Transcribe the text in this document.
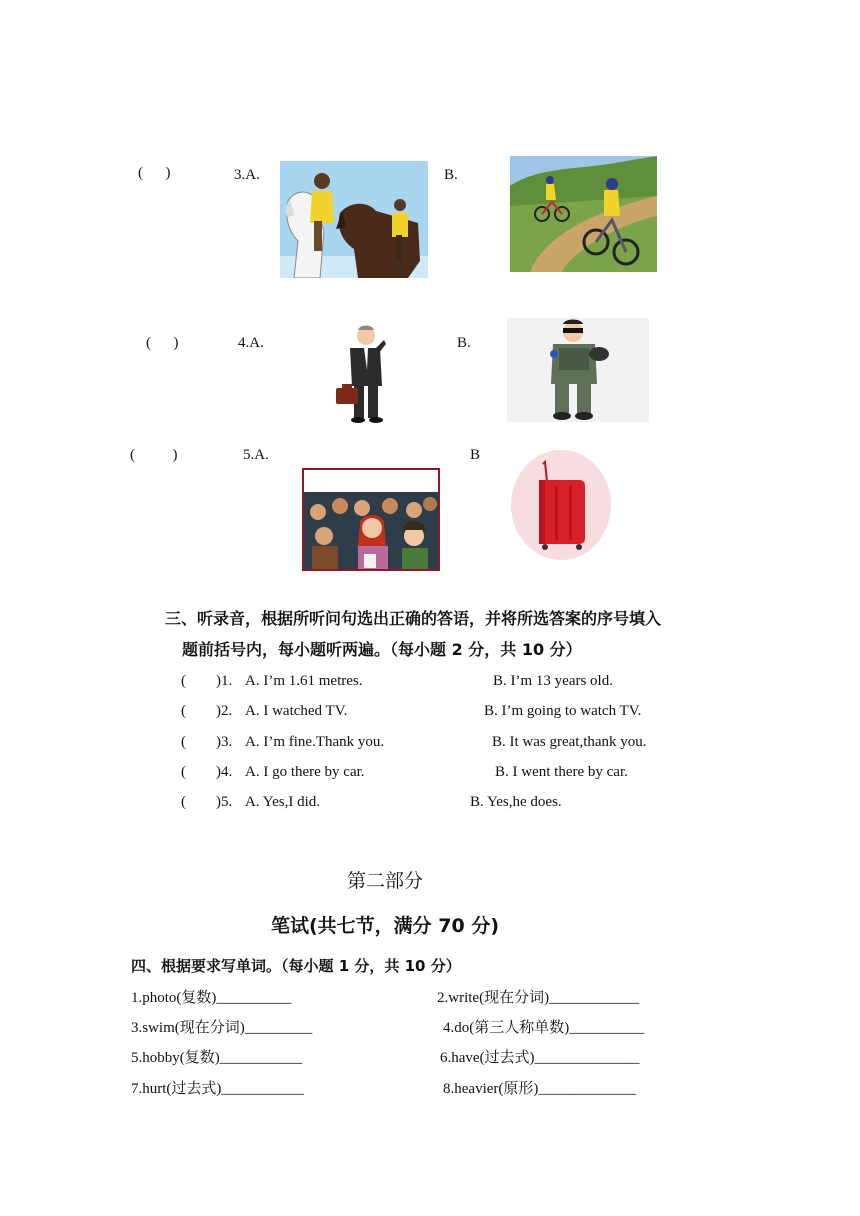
(      )	3.A.	B.
(      )	4.A.	B.
(          )	5.A.	B
三、听录音，根据所听问句选出正确的答语，并将所选答案的序号填入
题前括号内，每小题听两遍。（每小题 2 分，共 10 分）
(        )1. A. I’m 1.61 metres.	B. I’m 13 years old.
(        )2. A. I watched TV.	B. I’m going to watch TV.
(        )3. A. I’m fine.Thank you.	B. It was great,thank you.
(        )4. A. I go there by car.	B. I went there by car.
(        )5. A. Yes,I did.	B. Yes,he does.
第二部分
笔试(共七节，满分 70 分)
四、根据要求写单词。（每小题 1 分，共 10 分）
1.photo(复数)__________	2.write(现在分词)____________
3.swim(现在分词)_________	4.do(第三人称单数)__________
5.hobby(复数)___________	6.have(过去式)______________
7.hurt(过去式)___________	8.heavier(原形)_____________
